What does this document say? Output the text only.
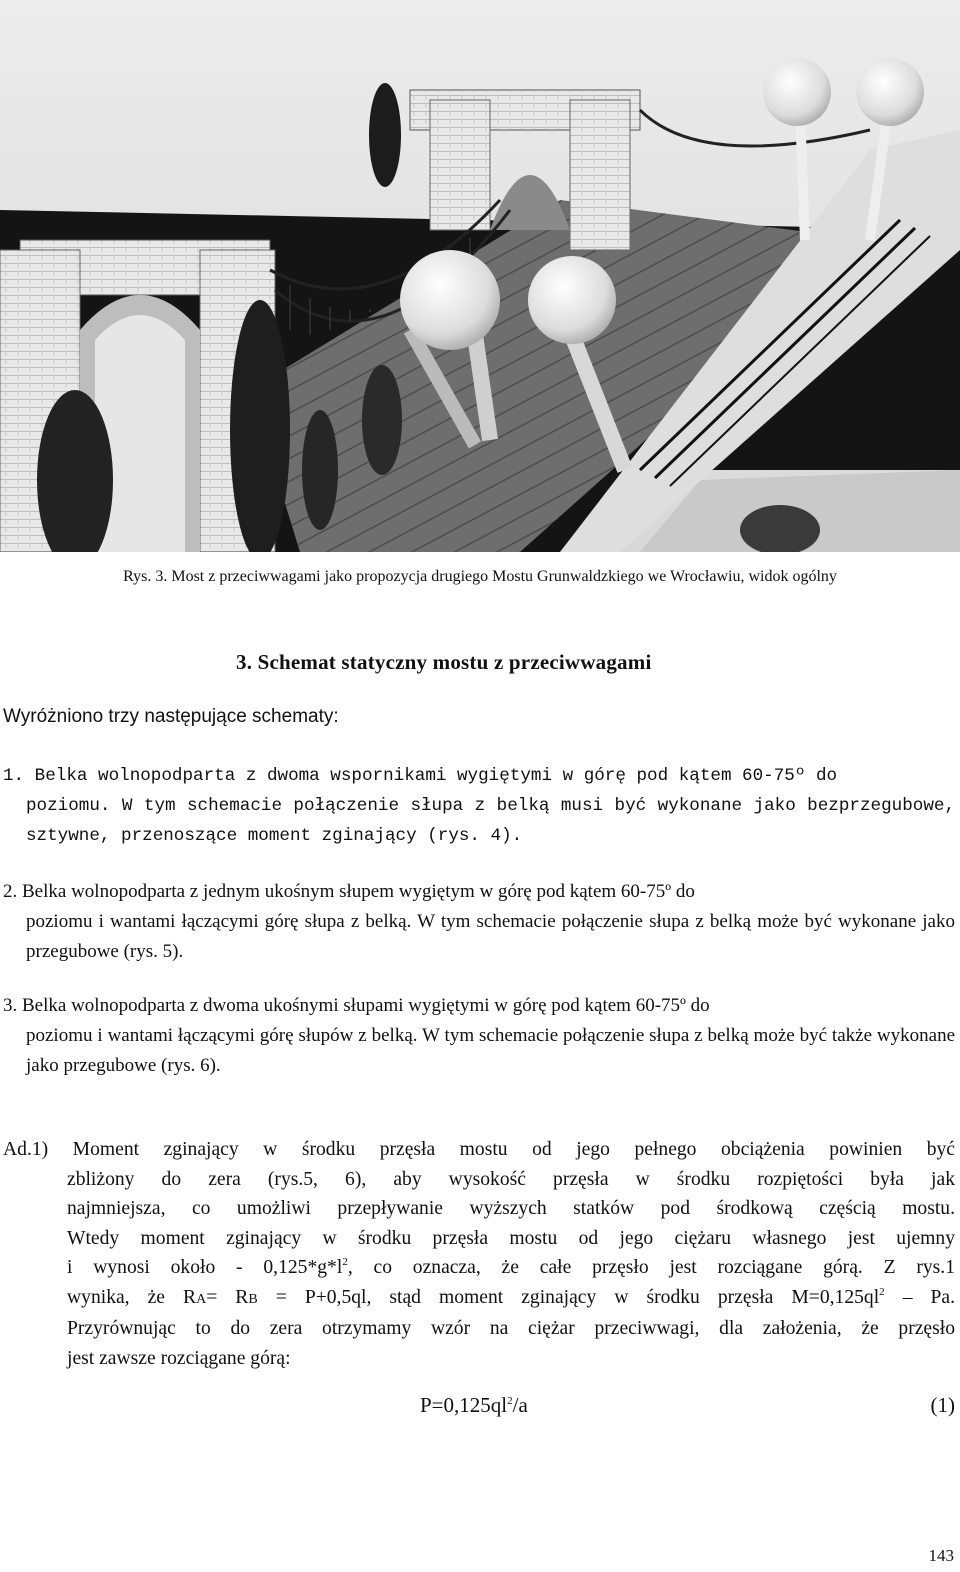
Rys. 3. Most z przeciwwagami jako propozycja drugiego Mostu Grunwaldzkiego we Wrocławiu, widok ogólny
3. Schemat statyczny mostu z przeciwwagami
Wyróżniono trzy następujące schematy:
1. Belka wolnopodparta z dwoma wspornikami wygiętymi w górę pod kątem 60-75º do
poziomu. W tym schemacie połączenie słupa z belką musi być wykonane jako bezprzegubowe, sztywne, przenoszące moment zginający (rys. 4).
2. Belka wolnopodparta z jednym ukośnym słupem wygiętym w górę pod kątem 60-75º do
poziomu i wantami łączącymi górę słupa z belką. W tym schemacie połączenie słupa z belką może być wykonane jako przegubowe (rys. 5).
3. Belka wolnopodparta z dwoma ukośnymi słupami wygiętymi w górę pod kątem 60-75º do
poziomu i wantami łączącymi górę słupów z belką. W tym schemacie połączenie słupa z belką może być także wykonane jako przegubowe (rys. 6).
Ad.1) Moment zginający w środku przęsła mostu od jego pełnego obciążenia powinien być
zbliżony do zera (rys.5, 6), aby wysokość przęsła w środku rozpiętości była jak
najmniejsza, co umożliwi przepływanie wyższych statków pod środkową częścią mostu.
Wtedy moment zginający w środku przęsła mostu od jego ciężaru własnego jest ujemny
i wynosi około - $0,125*g*l^2$, co oznacza, że całe przęsło jest rozciągane górą. Z rys.1
wynika, że RA= RB = P+0,5ql, stąd moment zginający w środku przęsła $M=0,125ql^2 - Pa$.
Przyrównując to do zera otrzymamy wzór na ciężar przeciwwagi, dla założenia, że przęsło
jest zawsze rozciągane górą:
$P=0,125ql^2/a$	(1)
143
